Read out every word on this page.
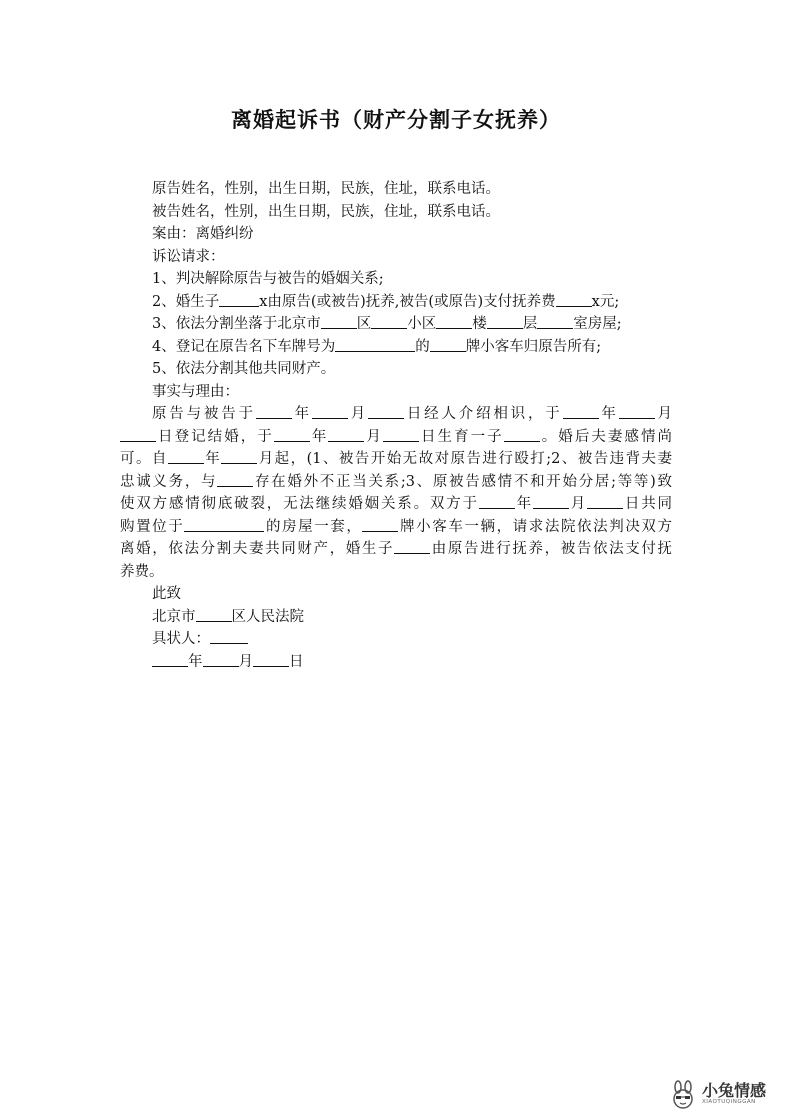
离婚起诉书（财产分割子女抚养）
原告姓名，性别，出生日期，民族，住址，联系电话。
被告姓名，性别，出生日期，民族，住址，联系电话。
案由：离婚纠纷
诉讼请求：
1、判决解除原告与被告的婚姻关系;
2、婚生子	x由原告(或被告)抚养,被告(或原告)支付抚养费 x元;
3、依法分割坐落于北京市 区 小区 楼 层 室房屋;
4、登记在原告名下车牌号为	的 牌小客车归原告所有;
5、依法分割其他共同财产。
事实与理由：
原告与被告于 年 月 日经人介绍相识，于 年 月
日登记结婚，于 年 月 日生育一子 。婚后夫妻感情尚
可。自 年 月起，(1、被告开始无故对原告进行殴打;2、被告违背夫妻
忠诚义务，与 存在婚外不正当关系;3、原被告感情不和开始分居;等等)致
使双方感情彻底破裂，无法继续婚姻关系。双方于 年 月 日共同
购置位于	的房屋一套， 牌小客车一辆，请求法院依法判决双方
离婚，依法分割夫妻共同财产，婚生子 由原告进行抚养，被告依法支付抚
养费。
此致
北京市 区人民法院
具状人：
年 月 日
小兔情感
XIAOTUQINGGAN
